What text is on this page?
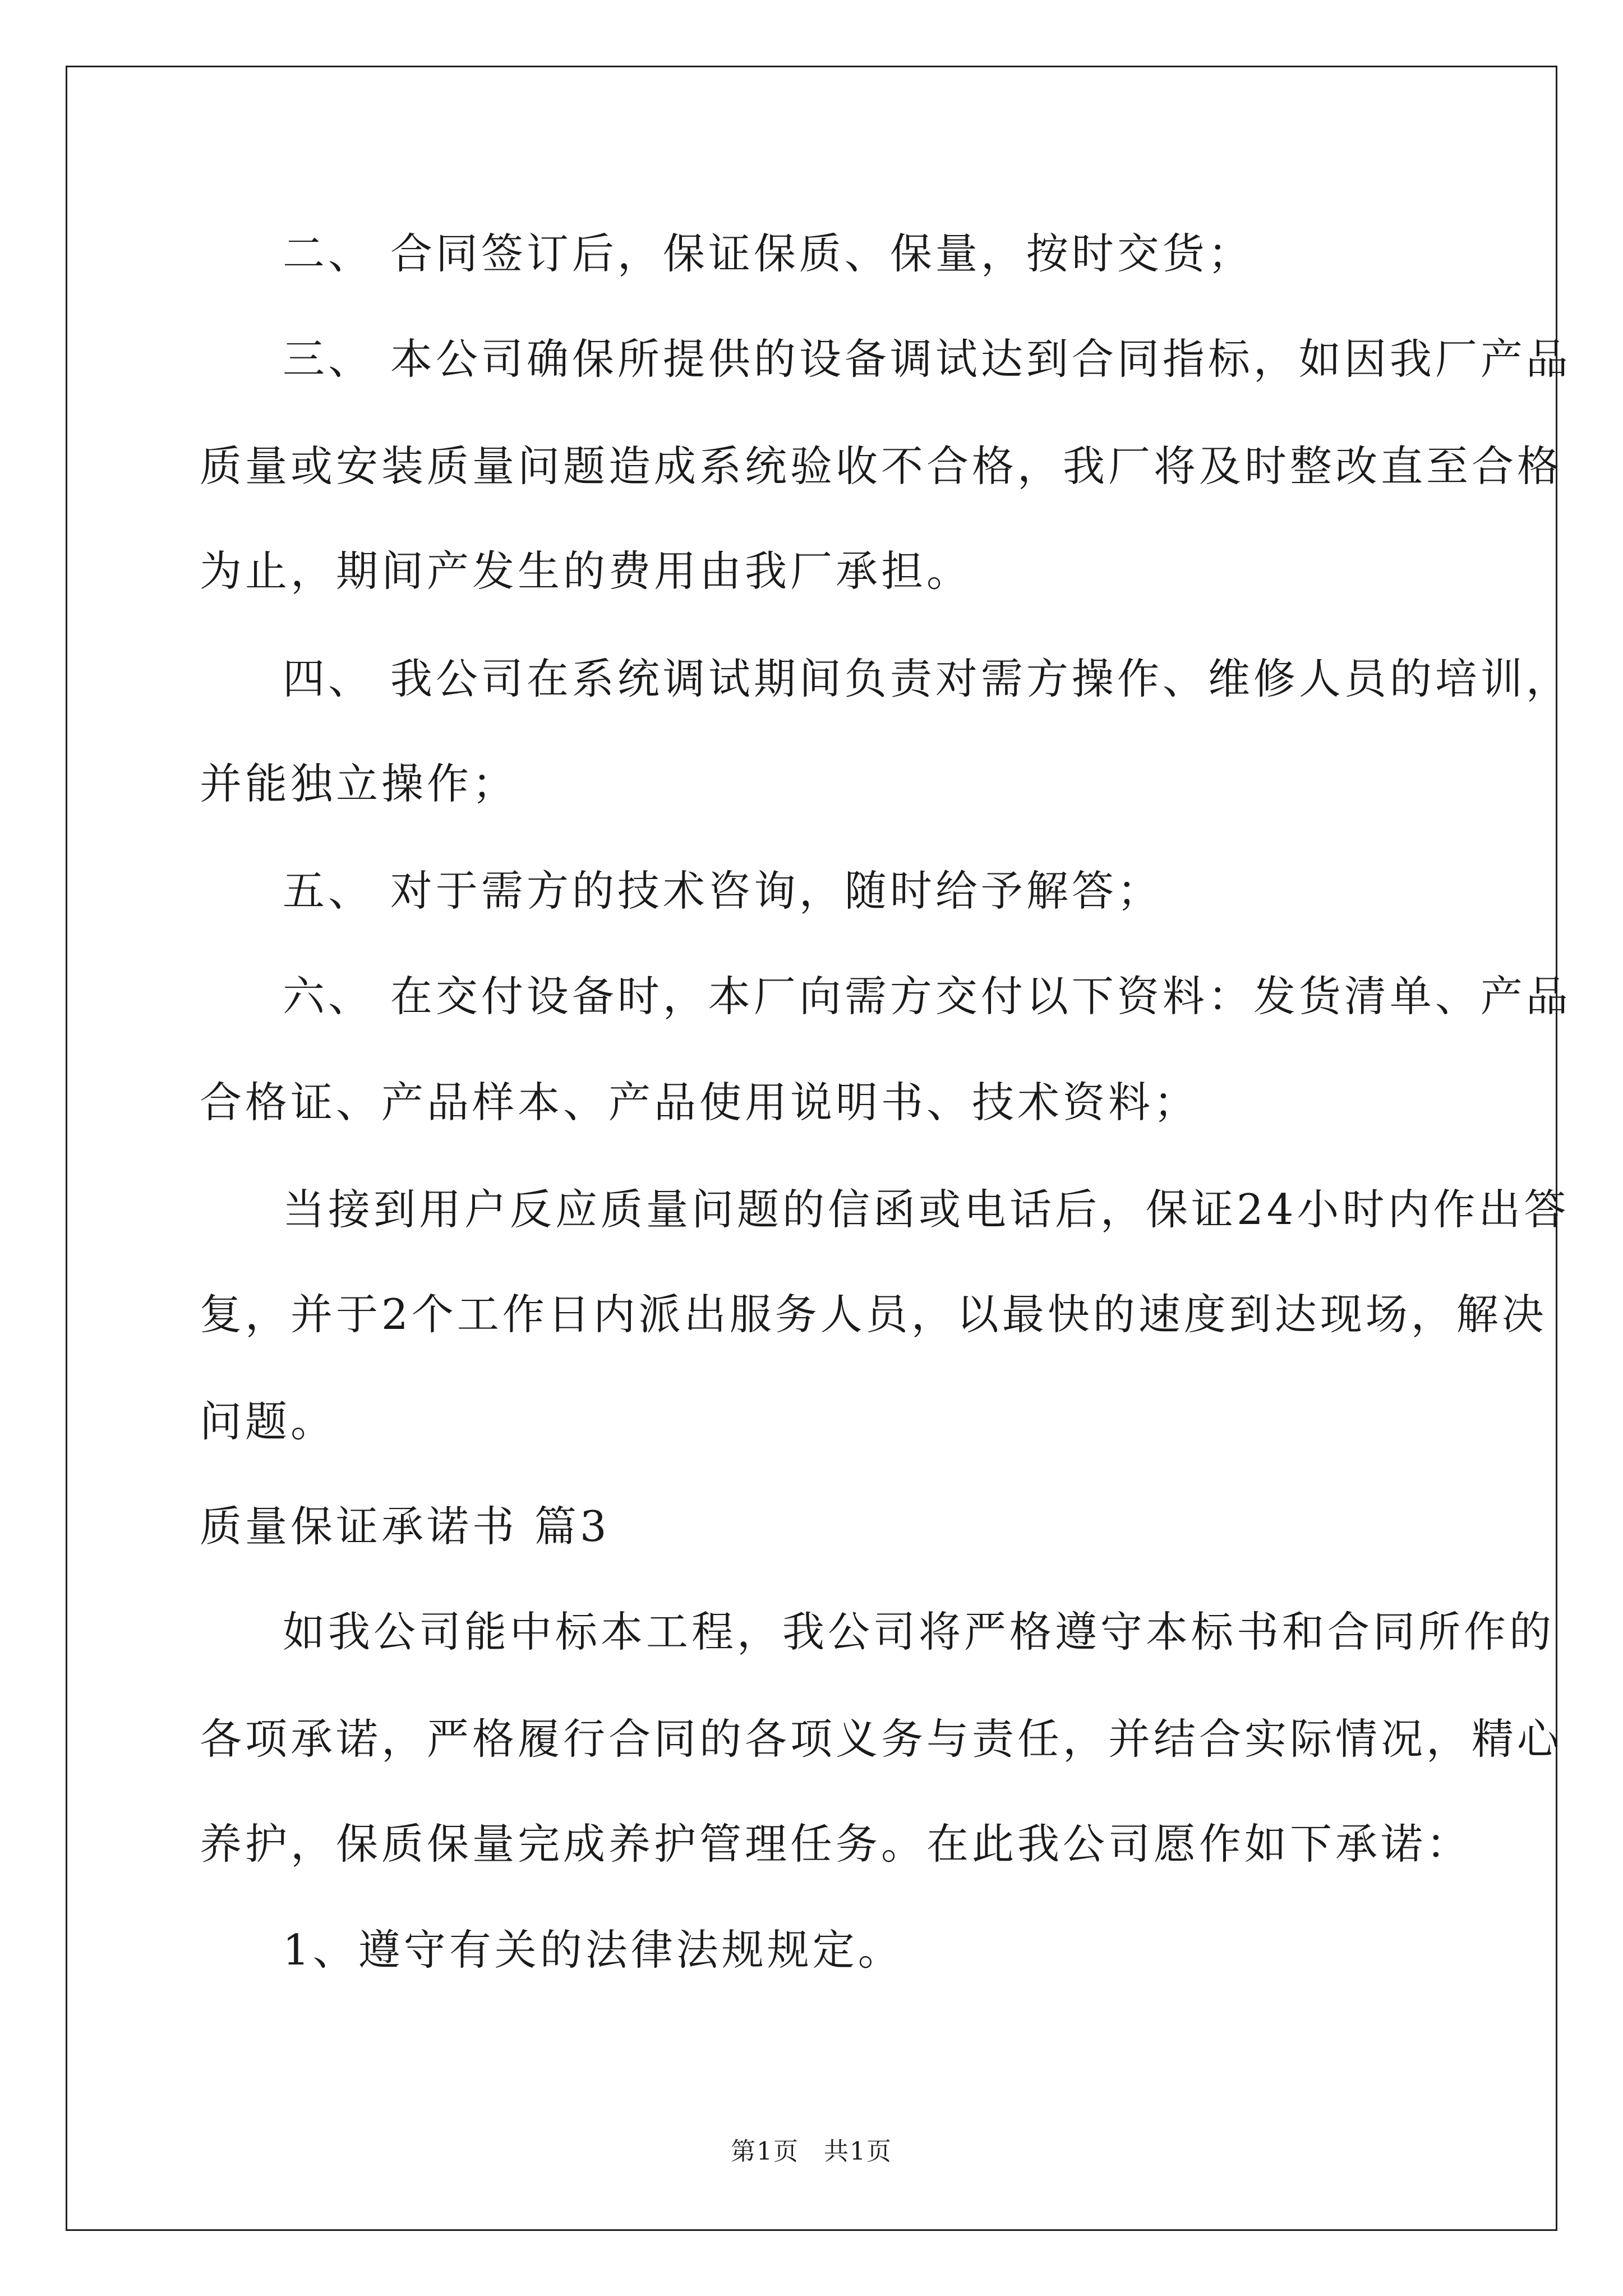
二、 合同签订后，保证保质、保量，按时交货；
三、 本公司确保所提供的设备调试达到合同指标，如因我厂产品
质量或安装质量问题造成系统验收不合格，我厂将及时整改直至合格
为止，期间产发生的费用由我厂承担。
四、 我公司在系统调试期间负责对需方操作、维修人员的培训，
并能独立操作；
五、 对于需方的技术咨询，随时给予解答；
六、 在交付设备时，本厂向需方交付以下资料：发货清单、产品
合格证、产品样本、产品使用说明书、技术资料；
当接到用户反应质量问题的信函或电话后，保证24小时内作出答
复，并于2个工作日内派出服务人员，以最快的速度到达现场，解决
问题。
质量保证承诺书 篇3
如我公司能中标本工程，我公司将严格遵守本标书和合同所作的
各项承诺，严格履行合同的各项义务与责任，并结合实际情况，精心
养护，保质保量完成养护管理任务。在此我公司愿作如下承诺：
1、遵守有关的法律法规规定。
第1页 共1页
